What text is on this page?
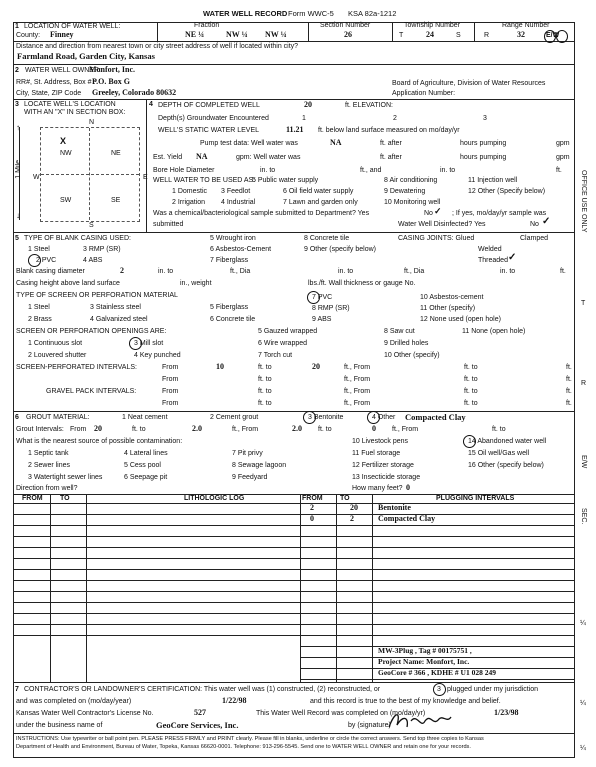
WATER WELL RECORD Form WWC-5 KSA 82a-1212
1 LOCATION OF WATER WELL:
County: Finney
Fraction
NE ¼	NW ¼ NW ¼
Section Number
26
Township Number
T	24	S
Range Number
R	32	E/W
Distance and direction from nearest town or city street address of well if located within city?
Farmland Road, Garden City, Kansas
2 WATER WELL OWNER:
Monfort, Inc.
RR#, St. Address, Box # :
P.O. Box G
City, State, ZIP Code Greeley, Colorado 80632
Board of Agriculture, Division of Water Resources
Application Number:
3 LOCATE WELL'S LOCATION
WITH AN "X" IN SECTION BOX:
N
S
W	E
X
NW	NE
SW	SE
↑
↓
1 Mile
4 DEPTH OF COMPLETED WELL	20	ft. ELEVATION:
Depth(s) Groundwater Encountered	1	2	3
WELL'S STATIC WATER LEVEL	11.21 ft. below land surface measured on mo/day/yr
Pump test data: Well water was	NA	ft. after	hours pumping	gpm
Est. Yield NA	gpm: Well water was	ft. after	hours pumping	gpm
Bore Hole Diameter	in. to	ft., and	in. to	ft.
WELL WATER TO BE USED AS:
5 Public water supply	8 Air conditioning	11 Injection well
1 Domestic 3 Feedlot	6 Oil field water supply	9 Dewatering	12 Other (Specify below)
2 Irrigation 4 Industrial	7 Lawn and garden only	10 Monitoring well
Was a chemical/bacteriological sample submitted to Department? Yes	No ✓ ; If yes, mo/day/yr sample was
submitted	Water Well Disinfected? Yes	No ✓
5 TYPE OF BLANK CASING USED:
1 Steel	3 RMP (SR)
2 PVC	4 ABS
5 Wrought iron
6 Asbestos-Cement
7 Fiberglass
8 Concrete tile
9 Other (specify below)
CASING JOINTS: Glued	Clamped
Welded
Threaded ✓
Blank casing diameter	2	in. to	ft., Dia	in. to	ft., Dia	in. to	ft.
Casing height above land surface	in., weight	lbs./ft. Wall thickness or gauge No.
TYPE OF SCREEN OR PERFORATION MATERIAL
1 Steel	3 Stainless steel	5 Fiberglass
7 PVC	10 Asbestos-cement
2 Brass	4 Galvanized steel	6 Concrete tile
8 RMP (SR)	11 Other (specify)
9 ABS	12 None used (open hole)
SCREEN OR PERFORATION OPENINGS ARE:	5 Gauzed wrapped	8 Saw cut	11 None (open hole)
1 Continuous slot	3 Mill slot	6 Wire wrapped	9 Drilled holes
2 Louvered shutter	4 Key punched	7 Torch cut	10 Other (specify)
SCREEN-PERFORATED INTERVALS:	From	10	ft. to	20	ft., From	ft. to	ft.
From	ft. to	ft., From	ft. to	ft.
GRAVEL PACK INTERVALS:	From	ft. to	ft., From	ft. to	ft.
From	ft. to	ft., From	ft. to	ft.
6 GROUT MATERIAL:	1 Neat cement	2 Cement grout	3 Bentonite	4 Other Compacted Clay
Grout Intervals: From 20	ft. to	2.0	ft., From	2.0 ft. to	0 ft., From	ft. to
What is the nearest source of possible contamination:	10 Livestock pens	14 Abandoned water well
1 Septic tank	4 Lateral lines	7 Pit privy	11 Fuel storage	15 Oil well/Gas well
2 Sewer lines	5 Cess pool	8 Sewage lagoon	12 Fertilizer storage	16 Other (specify below)
3 Watertight sewer lines	6 Seepage pit	9 Feedyard	13 Insecticide storage
Direction from well?	How many feet? 0
FROM TO	LITHOLOGIC LOG	FROM TO	PLUGGING INTERVALS
2	20	Bentonite
0	2	Compacted Clay
MW-3Plug , Tag # 00175751 ,
Project Name: Monfort, Inc.
GeoCore # 366 , KDHE # U1 028 249
7 CONTRACTOR'S OR LANDOWNER'S CERTIFICATION: This water well was (1) constructed, (2) reconstructed, or	3 plugged under my jurisdiction
and was completed on (mo/day/year)	1/22/98	and this record is true to the best of my knowledge and belief.
Kansas Water Well Contractor's License No.	527	This Water Well Record was completed on (mo/day/yr)	1/23/98
under the business name of	GeoCore Services, Inc.	by (signature)
INSTRUCTIONS: Use typewriter or ball point pen. PLEASE PRESS FIRMLY and PRINT clearly. Please fill in blanks, underline or circle the correct answers. Send top three copies to Kansas
Department of Health and Environment, Bureau of Water, Topeka, Kansas 66620-0001. Telephone: 913-296-5545. Send one to WATER WELL OWNER and retain one for your records.
OFFICE USE ONLY
T
R
E/W
SEC.
¼
¼
¼
